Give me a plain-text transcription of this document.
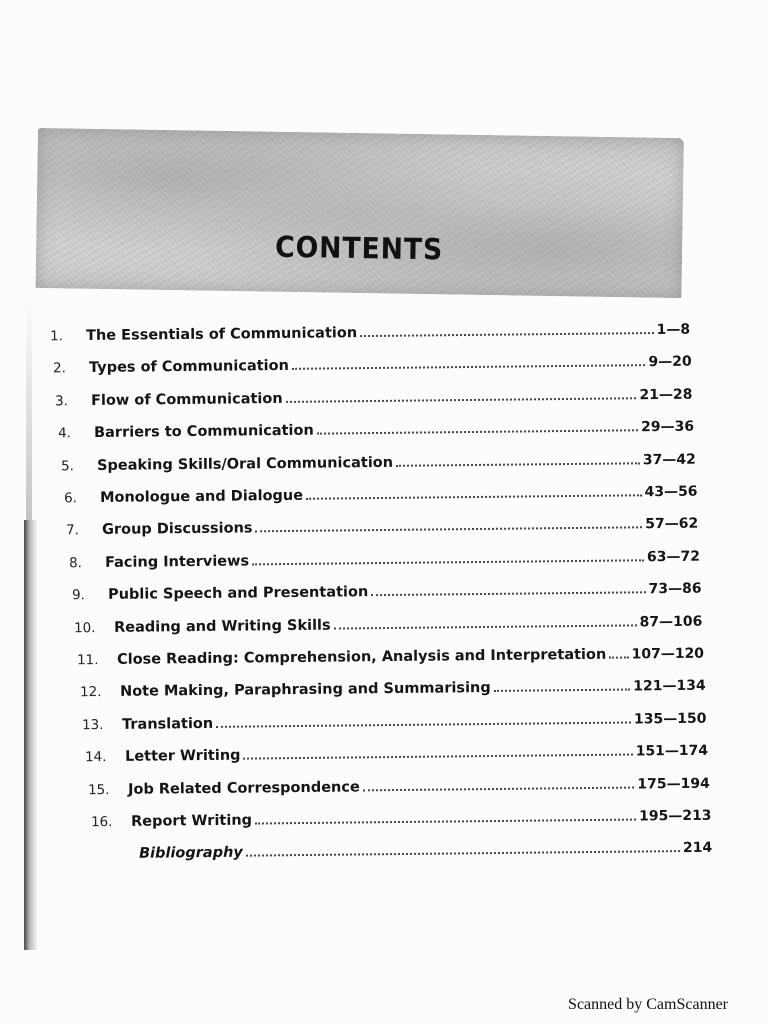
CONTENTS
1.	The Essentials of Communication	1—8
2.	Types of Communication	9—20
3.	Flow of Communication	21—28
4.	Barriers to Communication	29—36
5.	Speaking Skills/Oral Communication	37—42
6.	Monologue and Dialogue	43—56
7.	Group Discussions	57—62
8.	Facing Interviews	63—72
9.	Public Speech and Presentation	73—86
10.	Reading and Writing Skills	87—106
11.	Close Reading: Comprehension, Analysis and Interpretation 107—120
12.	Note Making, Paraphrasing and Summarising	121—134
13.	Translation	135—150
14.	Letter Writing	151—174
15.	Job Related Correspondence	175—194
16.	Report Writing	195—213
Bibliography	214
Scanned by CamScanner
